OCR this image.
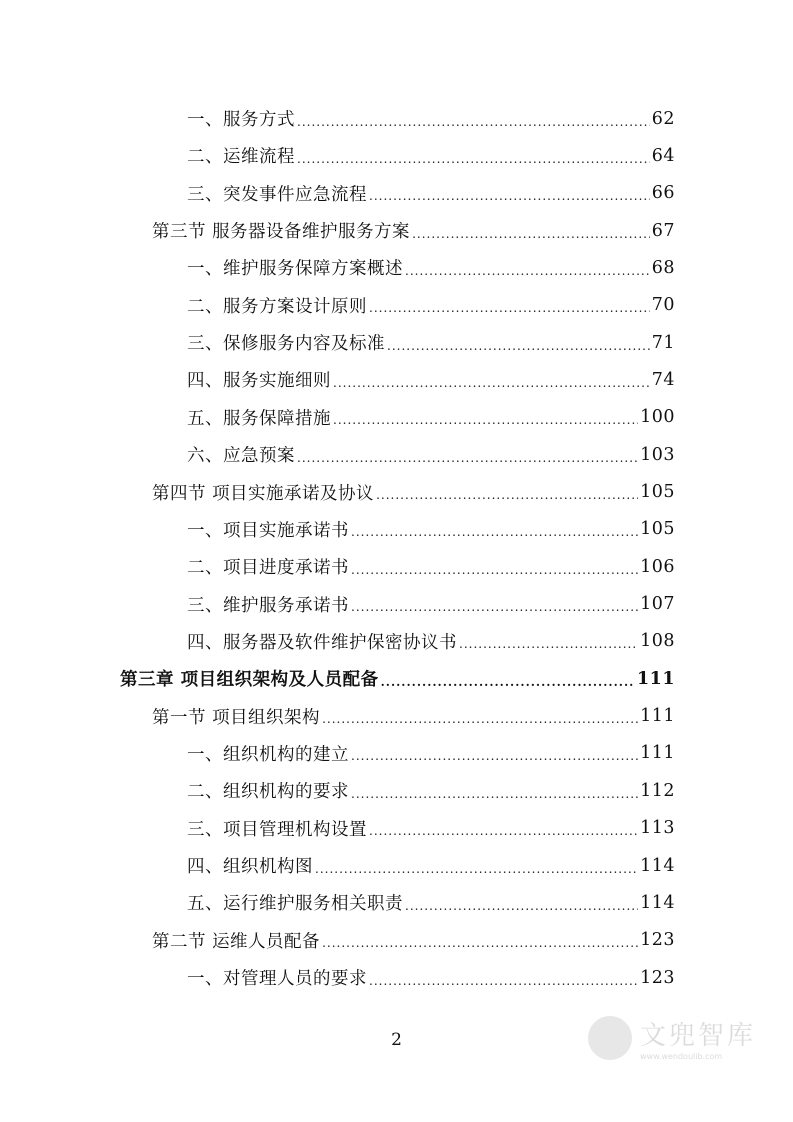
一、服务方式 .....	62
二、运维流程 .....	64
三、突发事件应急流程 .....	66
第三节 服务器设备维护服务方案 .....	67
一、维护服务保障方案概述 .....	68
二、服务方案设计原则 .....	70
三、保修服务内容及标准 .....	71
四、服务实施细则 .....	74
五、服务保障措施 .....	100
六、应急预案 .....	103
第四节 项目实施承诺及协议 .....	105
一、项目实施承诺书 .....	105
二、项目进度承诺书 .....	106
三、维护服务承诺书 .....	107
四、服务器及软件维护保密协议书 .....	108
第三章 项目组织架构及人员配备 .....	111
第一节 项目组织架构 .....	111
一、组织机构的建立 .....	111
二、组织机构的要求 .....	112
三、项目管理机构设置 .....	113
四、组织机构图 .....	114
五、运行维护服务相关职责 .....	114
第二节 运维人员配备 .....	123
一、对管理人员的要求 .....	123
2	文兜智库
www.wendoulib.com
